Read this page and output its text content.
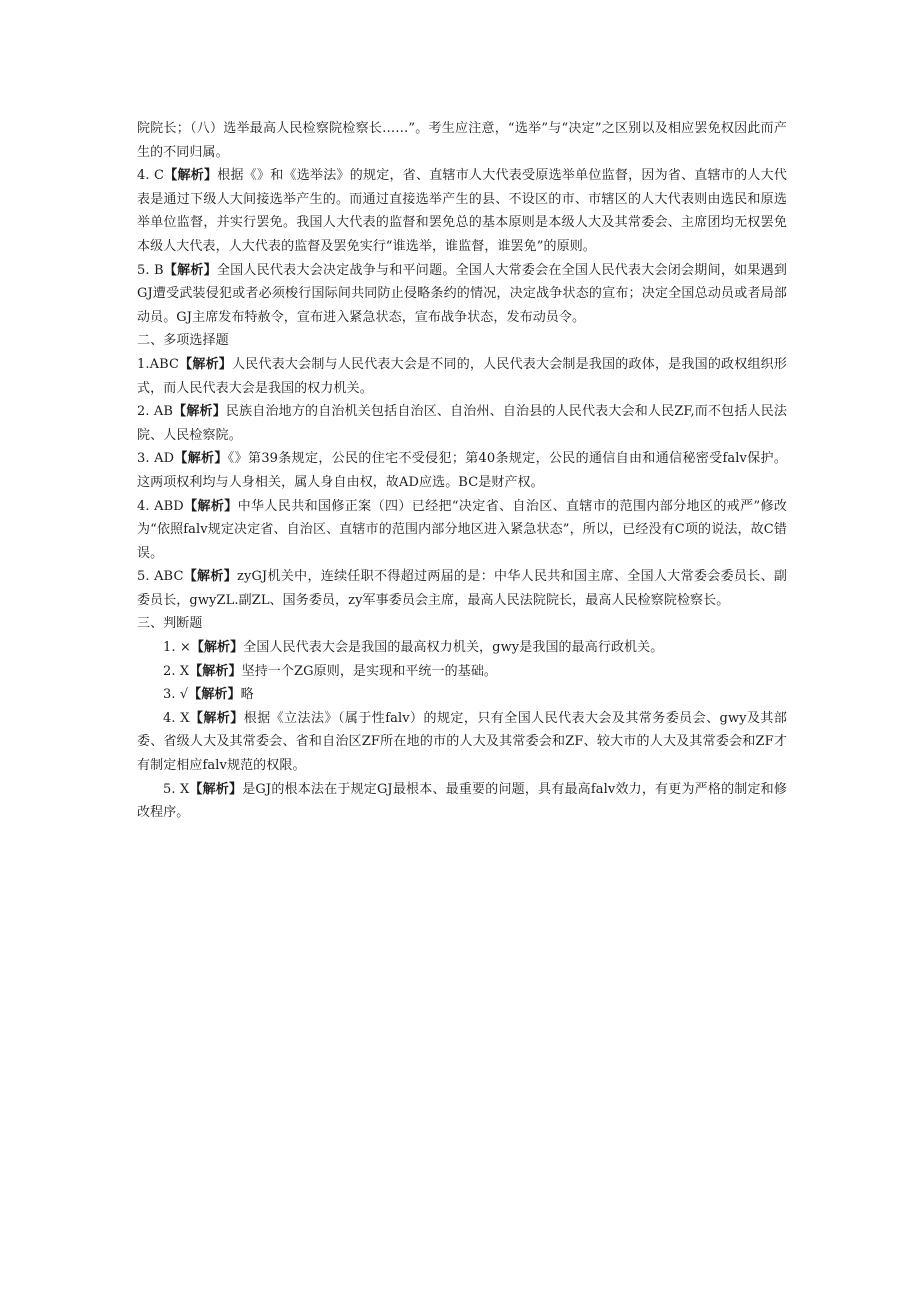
院院长；（八）选举最高人民检察院检察长……”。考生应注意，“选举”与“决定”之区别以及相应罢免权因此而产生的不同归属。

4. C【解析】根据《》和《选举法》的规定，省、直辖市人大代表受原选举单位监督，因为省、直辖市的人大代表是通过下级人大间接选举产生的。而通过直接选举产生的县、不设区的市、市辖区的人大代表则由选民和原选举单位监督，并实行罢免。我国人大代表的监督和罢免总的基本原则是本级人大及其常委会、主席团均无权罢免本级人大代表，人大代表的监督及罢免实行“谁选举，谁监督，谁罢免”的原则。

5. B【解析】全国人民代表大会决定战争与和平问题。全国人大常委会在全国人民代表大会闭会期间，如果遇到GJ遭受武装侵犯或者必须梭行国际间共同防止侵略条约的情况，决定战争状态的宣布；决定全国总动员或者局部动员。GJ主席发布特赦令，宣布进入紧急状态，宣布战争状态，发布动员令。

二、多项选择题

1.ABC【解析】人民代表大会制与人民代表大会是不同的，人民代表大会制是我国的政体，是我国的政权组织形式，而人民代表大会是我国的权力机关。

2. AB【解析】民族自治地方的自治机关包括自治区、自治州、自治县的人民代表大会和人民ZF,而不包括人民法院、人民检察院。

3. AD【解析】《》第39条规定，公民的住宅不受侵犯；第40条规定，公民的通信自由和通信秘密受falv保护。这两项权利均与人身相关，属人身自由权，故AD应选。BC是财产权。

4. ABD【解析】中华人民共和国修正案（四）已经把“决定省、自治区、直辖市的范围内部分地区的戒严”修改为“依照falv规定决定省、自治区、直辖市的范围内部分地区进入紧急状态”，所以，已经没有C项的说法，故C错误。

5. ABC【解析】zyGJ机关中，连续任职不得超过两届的是：中华人民共和国主席、全国人大常委会委员长、副委员长，gwyZL.副ZL、国务委员，zy军事委员会主席，最高人民法院院长，最高人民检察院检察长。

三、判断题

1. ×【解析】全国人民代表大会是我国的最高权力机关，gwy是我国的最高行政机关。

2. X【解析】坚持一个ZG原则，是实现和平统一的基础。

3. √【解析】略

4. X【解析】根据《立法法》（属于性falv）的规定，只有全国人民代表大会及其常务委员会、gwy及其部委、省级人大及其常委会、省和自治区ZF所在地的市的人大及其常委会和ZF、较大市的人大及其常委会和ZF才有制定相应falv规范的权限。

5. X【解析】是GJ的根本法在于规定GJ最根本、最重要的问题，具有最高falv效力，有更为严格的制定和修改程序。
